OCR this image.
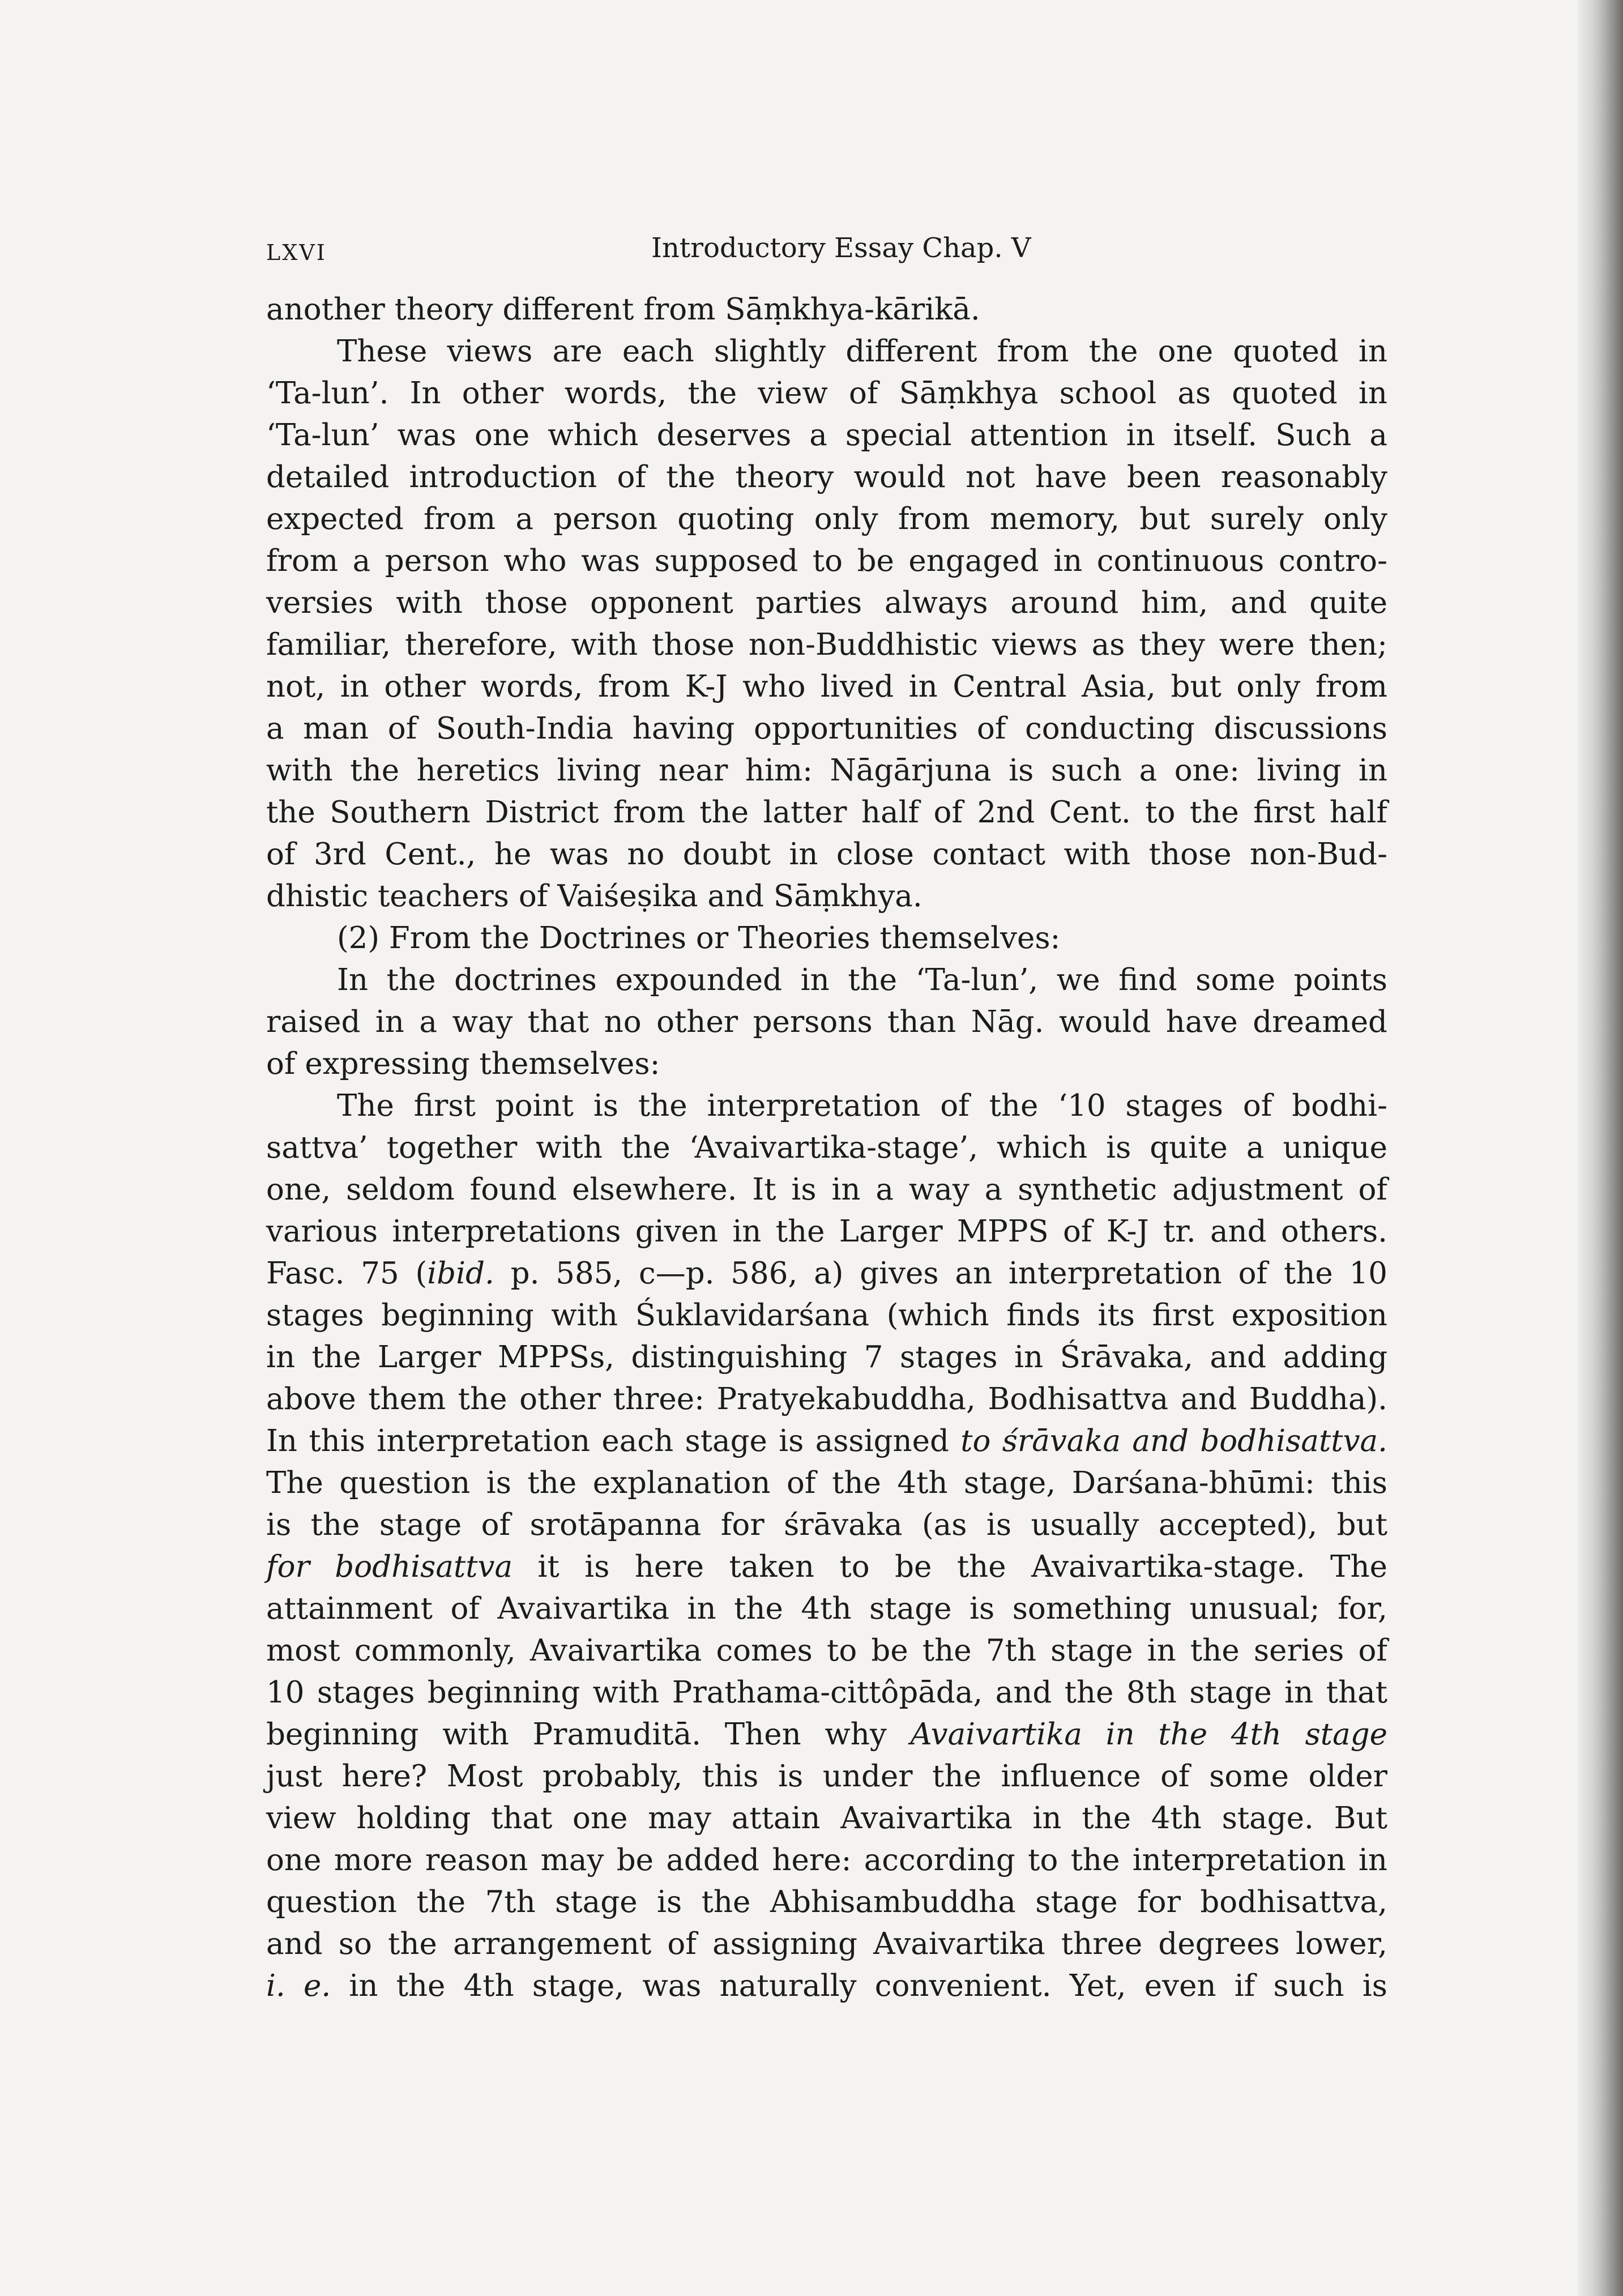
LXVI	Introductory Essay Chap. V
another theory different from Sāṃkhya-kārikā.
These views are each slightly different from the one quoted in
‘Ta-lun’. In other words, the view of Sāṃkhya school as quoted in
‘Ta-lun’ was one which deserves a special attention in itself. Such a
detailed introduction of the theory would not have been reasonably
expected from a person quoting only from memory, but surely only
from a person who was supposed to be engaged in continuous contro-
versies with those opponent parties always around him, and quite
familiar, therefore, with those non-Buddhistic views as they were then;
not, in other words, from K-J who lived in Central Asia, but only from
a man of South-India having opportunities of conducting discussions
with the heretics living near him: Nāgārjuna is such a one: living in
the Southern District from the latter half of 2nd Cent. to the first half
of 3rd Cent., he was no doubt in close contact with those non-Bud-
dhistic teachers of Vaiśeṣika and Sāṃkhya.
(2) From the Doctrines or Theories themselves:
In the doctrines expounded in the ‘Ta-lun’, we find some points
raised in a way that no other persons than Nāg. would have dreamed
of expressing themselves:
The first point is the interpretation of the ‘10 stages of bodhi-
sattva’ together with the ‘Avaivartika-stage’, which is quite a unique
one, seldom found elsewhere. It is in a way a synthetic adjustment of
various interpretations given in the Larger MPPS of K-J tr. and others.
Fasc. 75 (ibid. p. 585, c—p. 586, a) gives an interpretation of the 10
stages beginning with Śuklavidarśana (which finds its first exposition
in the Larger MPPSs, distinguishing 7 stages in Śrāvaka, and adding
above them the other three: Pratyekabuddha, Bodhisattva and Buddha).
In this interpretation each stage is assigned to śrāvaka and bodhisattva.
The question is the explanation of the 4th stage, Darśana-bhūmi: this
is the stage of srotāpanna for śrāvaka (as is usually accepted), but
for bodhisattva it is here taken to be the Avaivartika-stage. The
attainment of Avaivartika in the 4th stage is something unusual; for,
most commonly, Avaivartika comes to be the 7th stage in the series of
10 stages beginning with Prathama-cittôpāda, and the 8th stage in that
beginning with Pramuditā. Then why Avaivartika in the 4th stage
just here? Most probably, this is under the influence of some older
view holding that one may attain Avaivartika in the 4th stage. But
one more reason may be added here: according to the interpretation in
question the 7th stage is the Abhisambuddha stage for bodhisattva,
and so the arrangement of assigning Avaivartika three degrees lower,
i. e. in the 4th stage, was naturally convenient. Yet, even if such is
